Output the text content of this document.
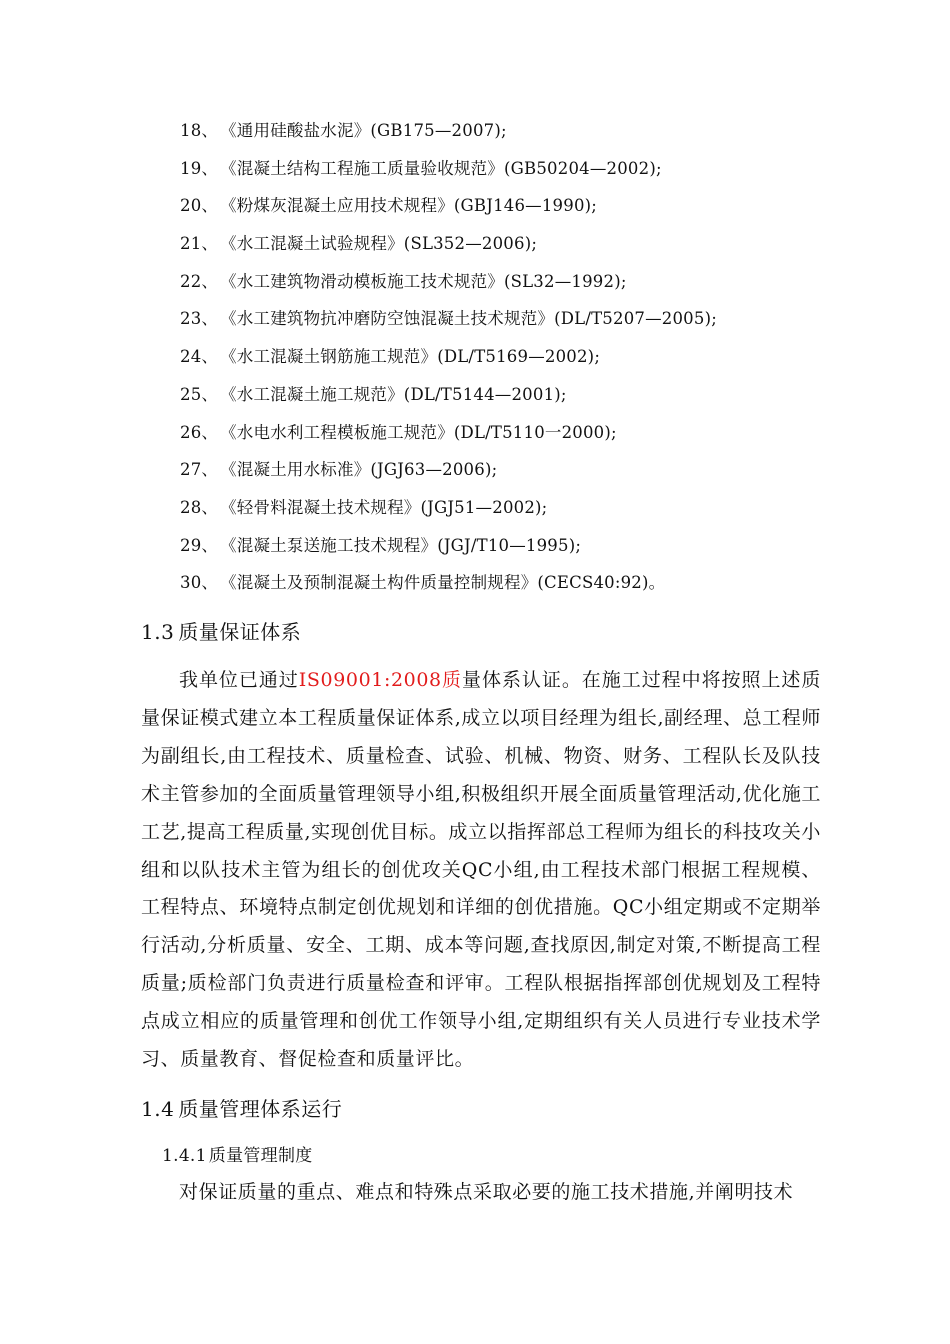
18、 《通用硅酸盐水泥》(GB175—2007);
19、 《混凝土结构工程施工质量验收规范》(GB50204—2002);
20、 《粉煤灰混凝土应用技术规程》(GBJ146—1990);
21、 《水工混凝土试验规程》(SL352—2006);
22、 《水工建筑物滑动模板施工技术规范》(SL32—1992);
23、 《水工建筑物抗冲磨防空蚀混凝土技术规范》(DL/T5207—2005);
24、 《水工混凝土钢筋施工规范》(DL/T5169—2002);
25、 《水工混凝土施工规范》(DL/T5144—2001);
26、 《水电水利工程模板施工规范》(DL/T5110一2000);
27、 《混凝土用水标准》(JGJ63—2006);
28、 《轻骨料混凝土技术规程》(JGJ51—2002);
29、 《混凝土泵送施工技术规程》(JGJ/T10—1995);
30、 《混凝土及预制混凝土构件质量控制规程》(CECS40:92)。
1.3 质量保证体系

我单位已通过IS09001:2008质量体系认证。在施工过程中将按照上述质量保证模式建立本工程质量保证体系,成立以项目经理为组长,副经理、总工程师为副组长,由工程技术、质量检查、试验、机械、物资、财务、工程队长及队技术主管参加的全面质量管理领导小组,积极组织开展全面质量管理活动,优化施工工艺,提高工程质量,实现创优目标。成立以指挥部总工程师为组长的科技攻关小组和以队技术主管为组长的创优攻关QC小组,由工程技术部门根据工程规模、工程特点、环境特点制定创优规划和详细的创优措施。QC小组定期或不定期举行活动,分析质量、安全、工期、成本等问题,查找原因,制定对策,不断提高工程质量;质检部门负责进行质量检查和评审。工程队根据指挥部创优规划及工程特点成立相应的质量管理和创优工作领导小组,定期组织有关人员进行专业技术学习、质量教育、督促检查和质量评比。

1.4 质量管理体系运行
1.4.1 质量管理制度

对保证质量的重点、难点和特殊点采取必要的施工技术措施,并阐明技术
